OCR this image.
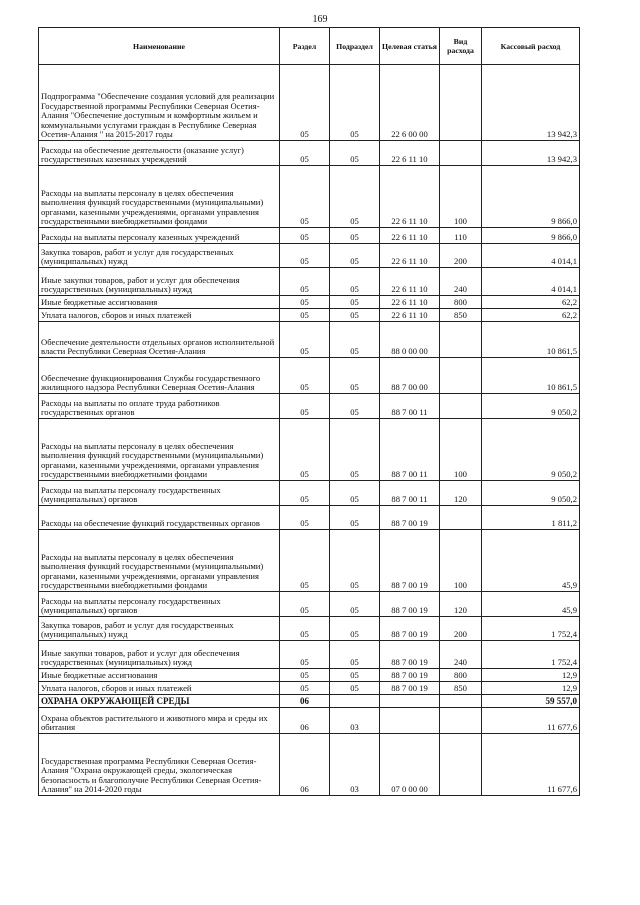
169
Наименование	Раздел	Подраздел	Целевая статья	Вид расхода	Кассовый расход
Подпрограмма "Обеспечение создания условий для реализации Государственной программы Республики Северная Осетия-Алания "Обеспечение доступным и комфортным жильем и коммунальными услугами граждан в Республике Северная Осетия-Алания " на 2015-2017 годы	05	05	22 6 00 00		13 942,3
Расходы на обеспечение деятельности (оказание услуг) государственных казенных учреждений	05	05	22 6 11 10		13 942,3
Расходы на выплаты персоналу в целях обеспечения выполнения функций государственными (муниципальными) органами, казенными учреждениями, органами управления государственными внебюджетными фондами	05	05	22 6 11 10	100	9 866,0
Расходы на выплаты персоналу казенных учреждений	05	05	22 6 11 10	110	9 866,0
Закупка товаров, работ и услуг для государственных (муниципальных) нужд	05	05	22 6 11 10	200	4 014,1
Иные закупки товаров, работ и услуг для обеспечения государственных (муниципальных) нужд	05	05	22 6 11 10	240	4 014,1
Иные бюджетные ассигнования	05	05	22 6 11 10	800	62,2
Уплата налогов, сборов и иных платежей	05	05	22 6 11 10	850	62,2
Обеспечение деятельности отдельных органов исполнительной власти Республики Северная Осетия-Алания	05	05	88 0 00 00		10 861,5
Обеспечение функционирования Службы государственного жилищного надзора Республики Северная Осетия-Алания	05	05	88 7 00 00		10 861,5
Расходы на выплаты по оплате труда работников государственных органов	05	05	88 7 00 11		9 050,2
Расходы на выплаты персоналу в целях обеспечения выполнения функций государственными (муниципальными) органами, казенными учреждениями, органами управления государственными внебюджетными фондами	05	05	88 7 00 11	100	9 050,2
Расходы на выплаты персоналу государственных (муниципальных) органов	05	05	88 7 00 11	120	9 050,2
Расходы на обеспечение функций государственных органов	05	05	88 7 00 19		1 811,2
Расходы на выплаты персоналу в целях обеспечения выполнения функций государственными (муниципальными) органами, казенными учреждениями, органами управления государственными внебюджетными фондами	05	05	88 7 00 19	100	45,9
Расходы на выплаты персоналу государственных (муниципальных) органов	05	05	88 7 00 19	120	45,9
Закупка товаров, работ и услуг для государственных (муниципальных) нужд	05	05	88 7 00 19	200	1 752,4
Иные закупки товаров, работ и услуг для обеспечения государственных (муниципальных) нужд	05	05	88 7 00 19	240	1 752,4
Иные бюджетные ассигнования	05	05	88 7 00 19	800	12,9
Уплата налогов, сборов и иных платежей	05	05	88 7 00 19	850	12,9
ОХРАНА ОКРУЖАЮЩЕЙ СРЕДЫ	06				59 557,0
Охрана объектов растительного и животного мира и среды их обитания	06	03			11 677,6
Государственная программа Республики Северная Осетия-Алания "Охрана окружающей среды, экологическая безопасность и благополучие Республики Северная Осетия-Алания" на 2014-2020 годы	06	03	07 0 00 00		11 677,6
